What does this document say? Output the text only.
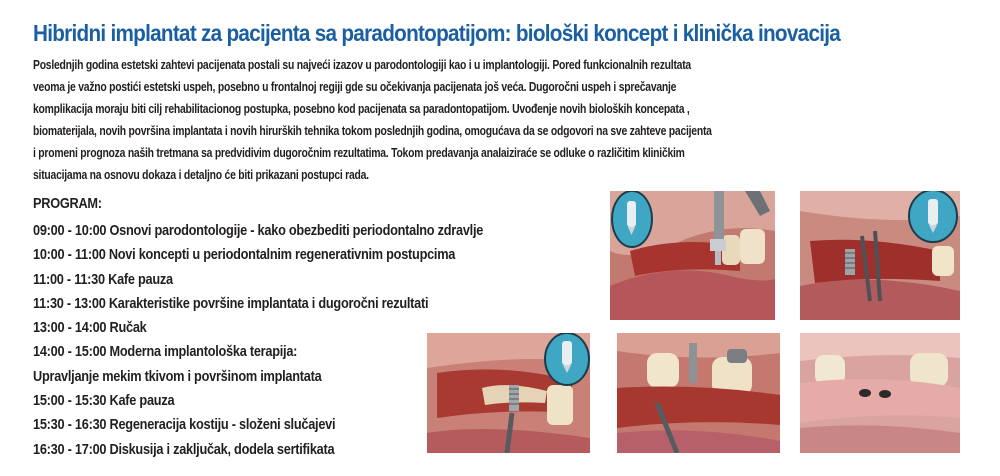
Hibridni implantat za pacijenta sa paradontopatijom: biološki koncept i klinička inovacija
Poslednjih godina estetski zahtevi pacijenata postali su najveći izazov u parodontologiji kao i u implantologiji. Pored funkcionalnih rezultata
veoma je važno postići estetski uspeh, posebno u frontalnoj regiji gde su očekivanja pacijenata još veća. Dugoročni uspeh i sprečavanje
komplikacija moraju biti cilj rehabilitacionog postupka, posebno kod pacijenata sa paradontopatijom. Uvođenje novih bioloških koncepata ,
biomaterijala, novih površina implantata i novih hirurških tehnika tokom poslednjih godina, omogućava da se odgovori na sve zahteve pacijenta
i promeni prognoza naših tretmana sa predvidivim dugoročnim rezultatima. Tokom predavanja analaiziraće se odluke o različitim kliničkim
situacijama na osnovu dokaza i detaljno će biti prikazani postupci rada.
PROGRAM:
09:00 - 10:00 Osnovi parodontologije - kako obezbediti periodontalno zdravlje
10:00 - 11:00 Novi koncepti u periodontalnim regenerativnim postupcima
11:00 - 11:30 Kafe pauza
11:30 - 13:00 Karakteristike površine implantata i dugoročni rezultati
13:00 - 14:00 Ručak
14:00 - 15:00 Moderna implantološka terapija:
Upravljanje mekim tkivom i površinom implantata
15:00 - 15:30 Kafe pauza
15:30 - 16:30 Regeneracija kostiju - složeni slučajevi
16:30 - 17:00 Diskusija i zaključak, dodela sertifikata
